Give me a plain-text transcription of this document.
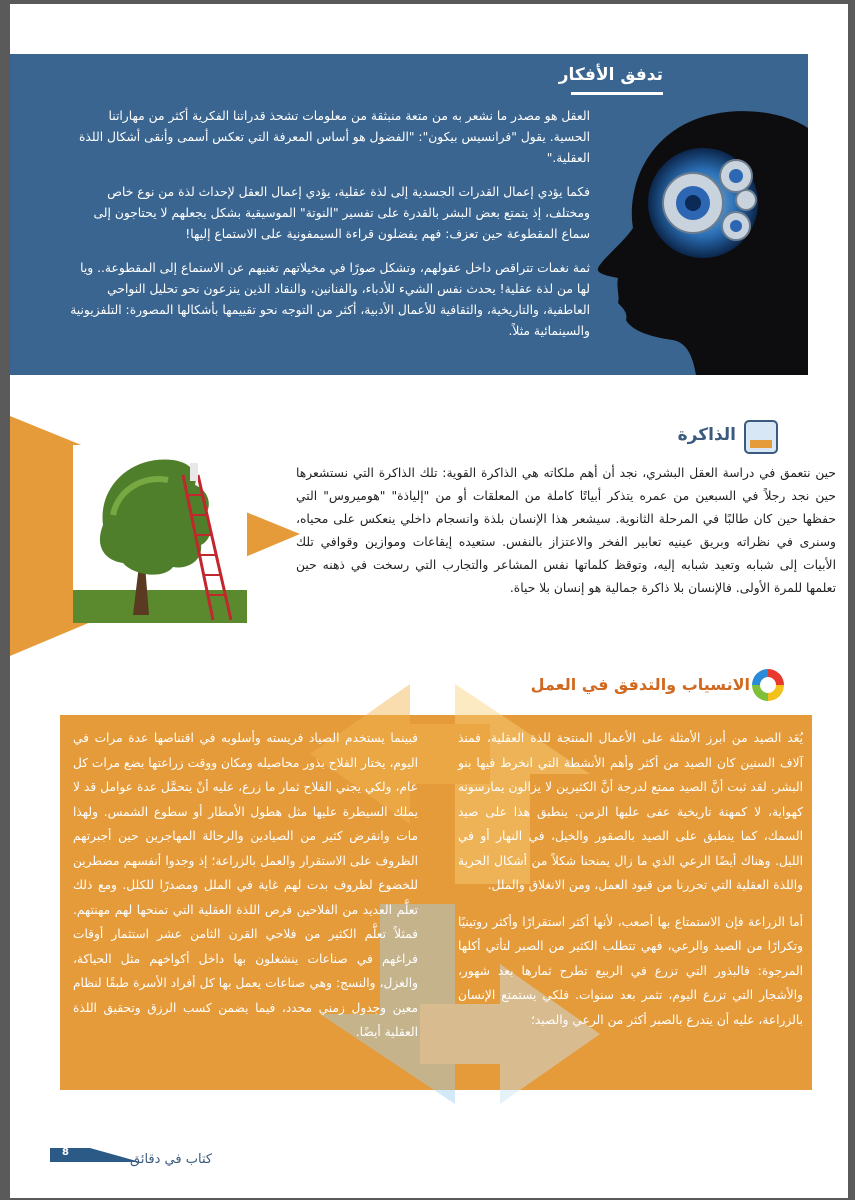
تدفق الأفكار

العقل هو مصدر ما نشعر به من متعة منبثقة من معلومات تشحذ قدراتنا الفكرية أكثر من مهاراتنا الحسية. يقول "فرانسيس بيكون": "الفضول هو أساس المعرفة التي تعكس أسمى وأنقى أشكال اللذة العقلية."

فكما يؤدي إعمال القدرات الجسدية إلى لذة عقلية، يؤدي إعمال العقل لإحداث لذة من نوع خاص ومختلف، إذ يتمتع بعض البشر بالقدرة على تفسير "النوتة" الموسيقية بشكل يجعلهم لا يحتاجون إلى سماع المقطوعة حين تعزف: فهم يفضلون قراءة السيمفونية على الاستماع إليها!

ثمة نغمات تتراقص داخل عقولهم، وتشكل صورًا في مخيلاتهم تغنيهم عن الاستماع إلى المقطوعة.. ويا لها من لذة عقلية! يحدث نفس الشيء للأدباء، والفنانين، والنقاد الذين ينزعون نحو تحليل النواحي العاطفية، والتاريخية، والثقافية للأعمال الأدبية، أكثر من التوجه نحو تقييمها بأشكالها المصورة: التلفزيونية والسينمائية مثلاً.

الذاكرة
حين نتعمق في دراسة العقل البشري، نجد أن أهم ملكاته هي الذاكرة القوية: تلك الذاكرة التي نستشعرها حين نجد رجلاً في السبعين من عمره يتذكر أبياتًا كاملة من المعلقات أو من "إلياذة" "هوميروس" التي حفظها حين كان طالبًا في المرحلة الثانوية. سيشعر هذا الإنسان بلذة وانسجام داخلي ينعكس على محياه، وسنرى في نظراته وبريق عينيه تعابير الفخر والاعتزاز بالنفس. ستعيده إيقاعات وموازين وقوافي تلك الأبيات إلى شبابه وتعيد شبابه إليه، وتوقظ كلماتها نفس المشاعر والتجارب التي رسخت في ذهنه حين تعلمها للمرة الأولى. فالإنسان بلا ذاكرة جمالية هو إنسان بلا حياة.
الانسياب والتدفق في العمل

يُعَد الصيد من أبرز الأمثلة على الأعمال المنتجة للذة العقلية، فمنذ آلاف السنين كان الصيد من أكثر وأهم الأنشطة التي انخرط فيها بنو البشر. لقد ثبت أنَّ الصيد ممتع لدرجة أنَّ الكثيرين لا يزالون يمارسونه كهواية، لا كمهنة تاريخية عفى عليها الزمن. ينطبق هذا على صيد السمك، كما ينطبق على الصيد بالصقور والخيل، في النهار أو في الليل. وهناك أيضًا الرعي الذي ما زال يمنحنا شكلاً من أشكال الحرية واللذة العقلية التي تحررنا من قيود العمل، ومن الانغلاق والملل.

أما الزراعة فإن الاستمتاع بها أصعب، لأنها أكثر استقرارًا وأكثر روتينيًا وتكرارًا من الصيد والرعي، فهي تتطلب الكثير من الصبر لتأتي أكلها المرجوة: فالبذور التي تزرع في الربيع تطرح ثمارها بعد شهور، والأشجار التي تزرع اليوم، تثمر بعد سنوات. فلكي يستمتع الإنسان بالزراعة، عليه أن يتدرع بالصبر أكثر من الرعي والصيد؛

فبينما يستخدم الصياد فريسته وأسلوبه في اقتناصها عدة مرات في اليوم، يختار الفلاح بذور محاصيله ومكان ووقت زراعتها بضع مرات كل عام، ولكي يجني الفلاح ثمار ما زرع، عليه أنْ يتحمَّل عدة عوامل قد لا يملك السيطرة عليها مثل هطول الأمطار أو سطوع الشمس. ولهذا مات وانقرض كثير من الصيادين والرحالة المهاجرين حين أجبرتهم الظروف على الاستقرار والعمل بالزراعة؛ إذ وجدوا أنفسهم مضطرين للخضوع لظروف بدت لهم غاية في الملل ومصدرًا للكلل. ومع ذلك تعلَّم العديد من الفلاحين فرص اللذة العقلية التي تمنحها لهم مهنتهم. فمثلاً تعلَّم الكثير من فلاحي القرن الثامن عشر استثمار أوقات فراغهم في صناعات ينشغلون بها داخل أكواخهم مثل الحياكة، والغزل، والنسج: وهي صناعات يعمل بها كل أفراد الأسرة طبقًا لنظام معين وجدول زمني محدد، فيما يضمن كسب الرزق وتحقيق اللذة العقلية أيضًا.

8	كتاب في دقائق
